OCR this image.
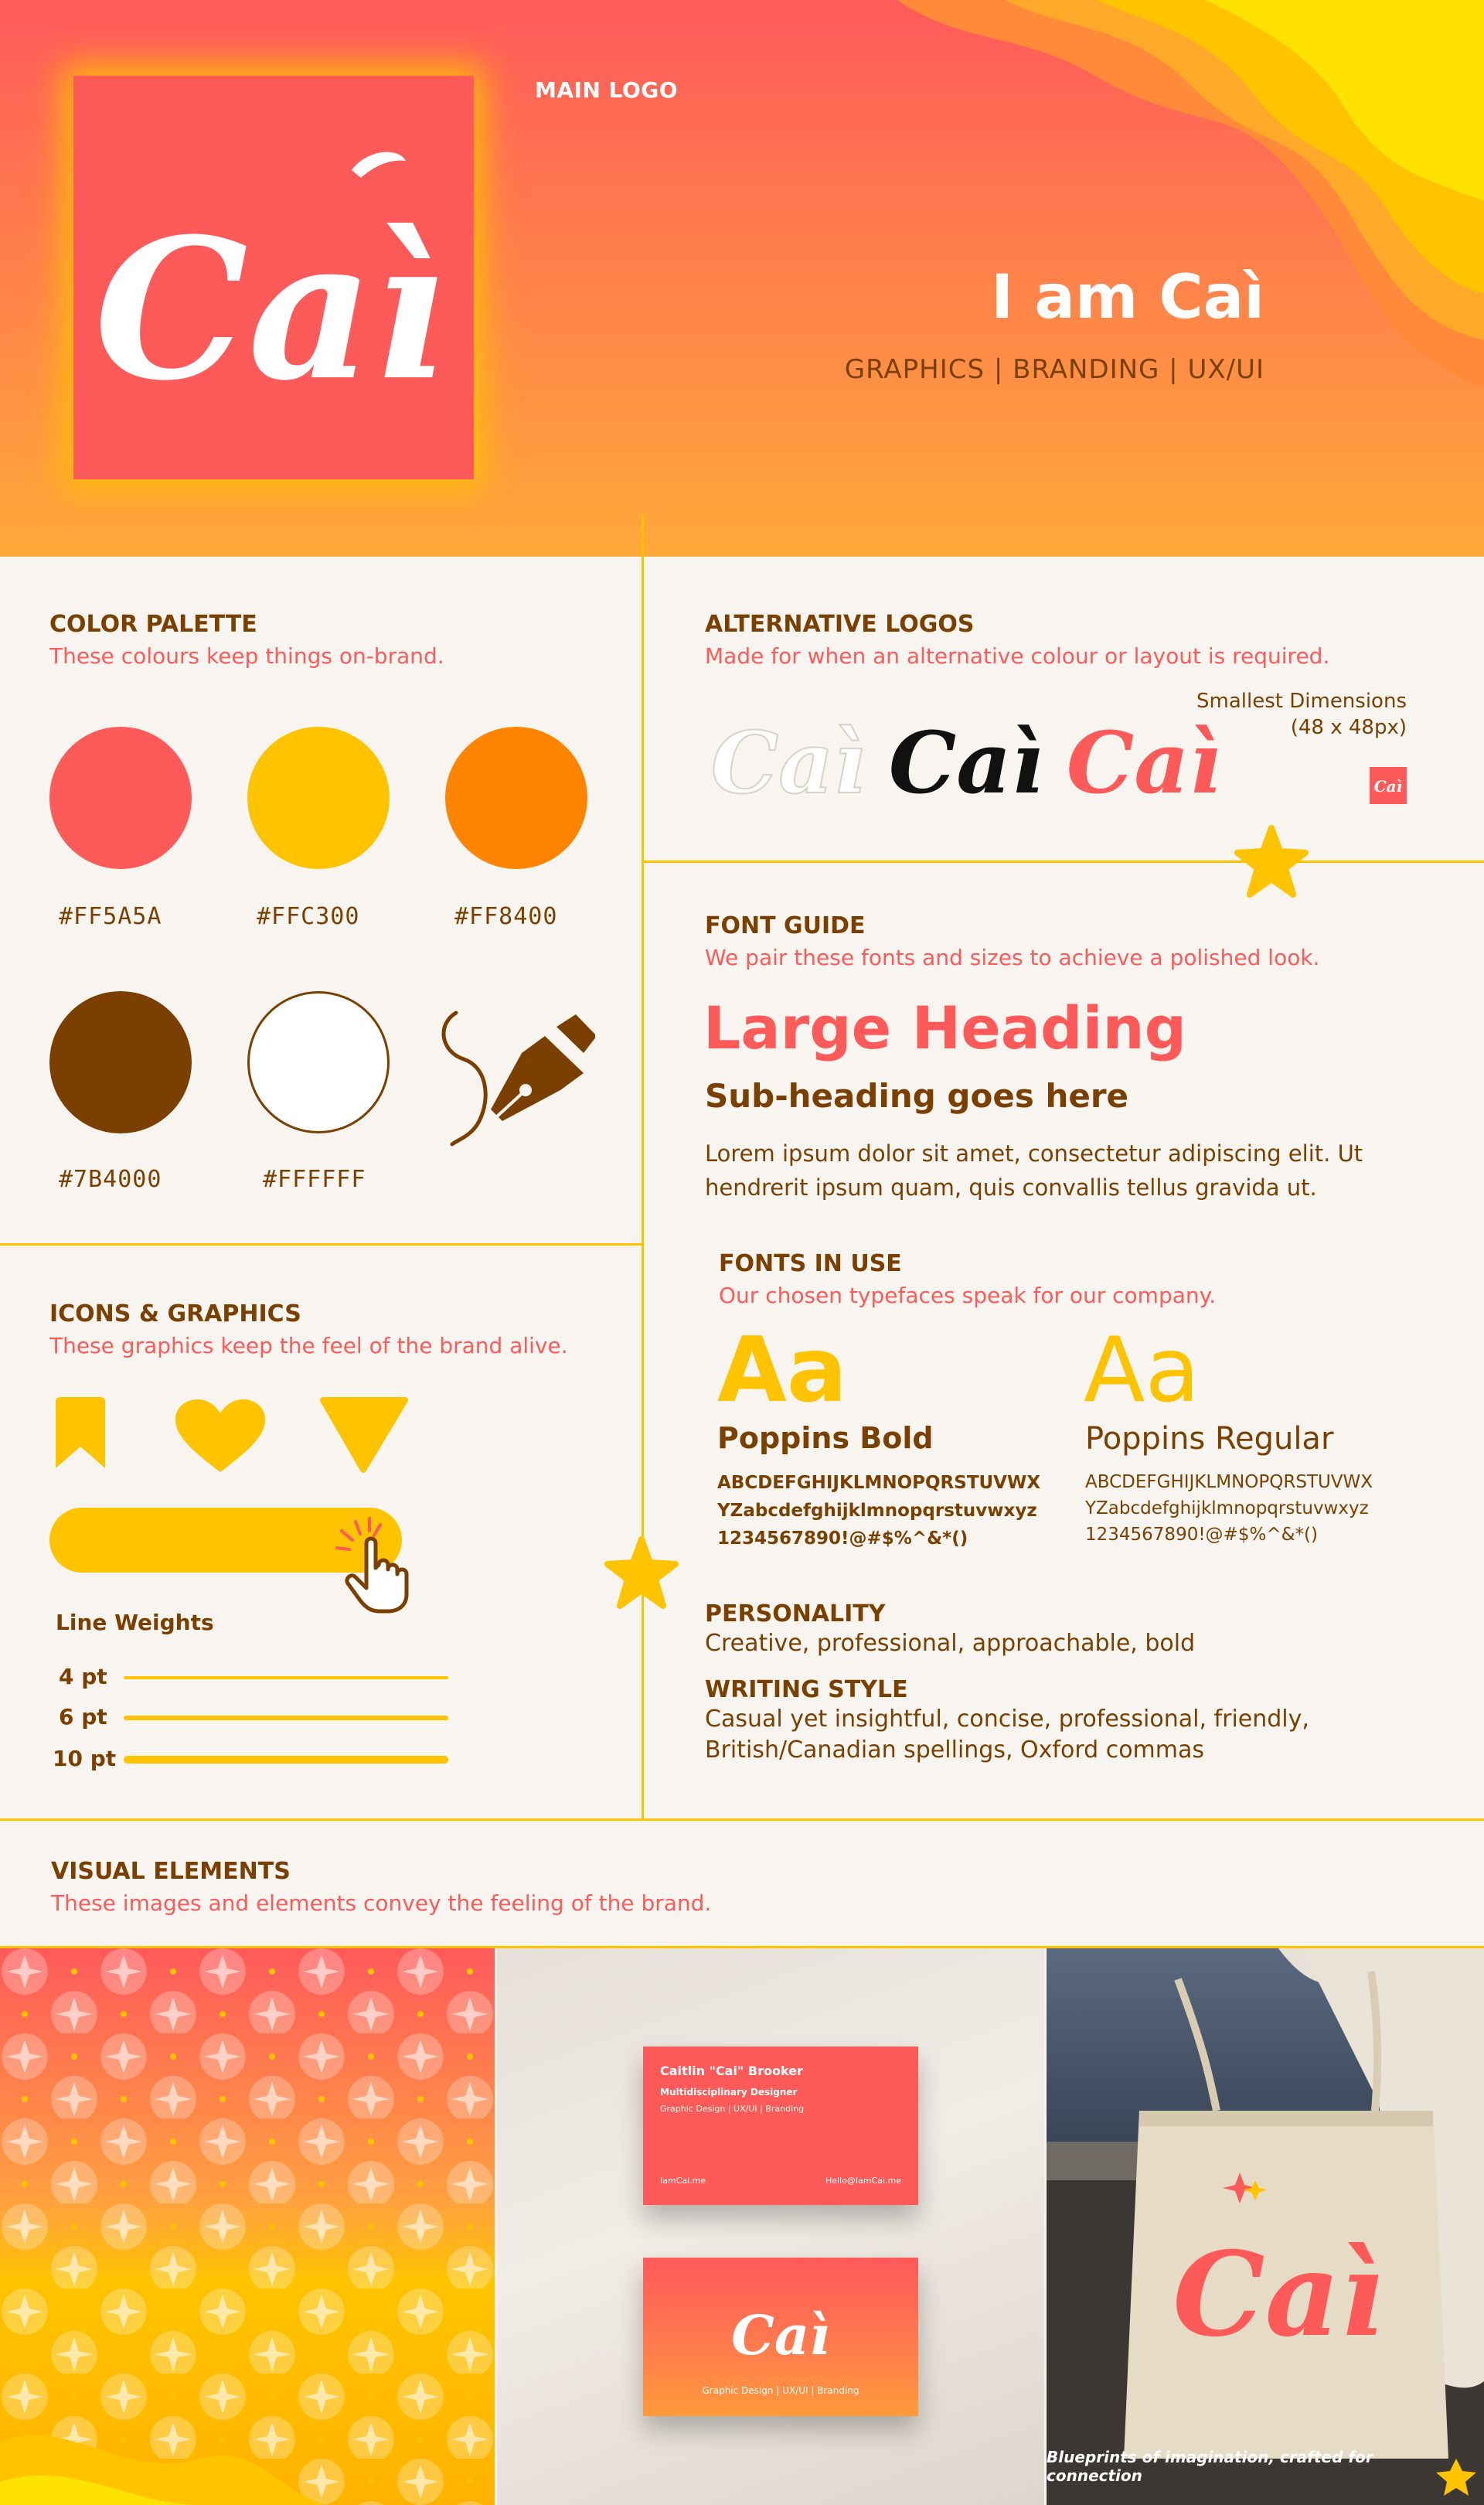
Caì
MAIN LOGO
I am Caì
GRAPHICS | BRANDING | UX/UI
COLOR PALETTE
These colours keep things on-brand.
#FF5A5A	#FFC300	#FF8400
#7B4000	#FFFFFF
ALTERNATIVE LOGOS
Made for when an alternative colour or layout is required.
Caì Caì Caì
Smallest Dimensions
(48 x 48px)
Caì
FONT GUIDE
We pair these fonts and sizes to achieve a polished look.
Large Heading
Sub-heading goes here
Lorem ipsum dolor sit amet, consectetur adipiscing elit. Ut
hendrerit ipsum quam, quis convallis tellus gravida ut.
FONTS IN USE
Our chosen typefaces speak for our company.
Aa
Poppins Bold
ABCDEFGHIJKLMNOPQRSTUVWX
YZabcdefghijklmnopqrstuvwxyz
1234567890!@#$%^&*()
Aa
Poppins Regular
ABCDEFGHIJKLMNOPQRSTUVWX
YZabcdefghijklmnopqrstuvwxyz
1234567890!@#$%^&*()
PERSONALITY
Creative, professional, approachable, bold
WRITING STYLE
Casual yet insightful, concise, professional, friendly,
British/Canadian spellings, Oxford commas
ICONS & GRAPHICS
These graphics keep the feel of the brand alive.
Line Weights
4 pt
6 pt
10 pt
VISUAL ELEMENTS
These images and elements convey the feeling of the brand.
Caitlin "Cai" Brooker
Multidisciplinary Designer
Graphic Design | UX/UI | Branding
IamCai.me	Hello@IamCai.me
Caì
Graphic Design | UX/UI | Branding
Caì
Blueprints of imagination, crafted for connection
